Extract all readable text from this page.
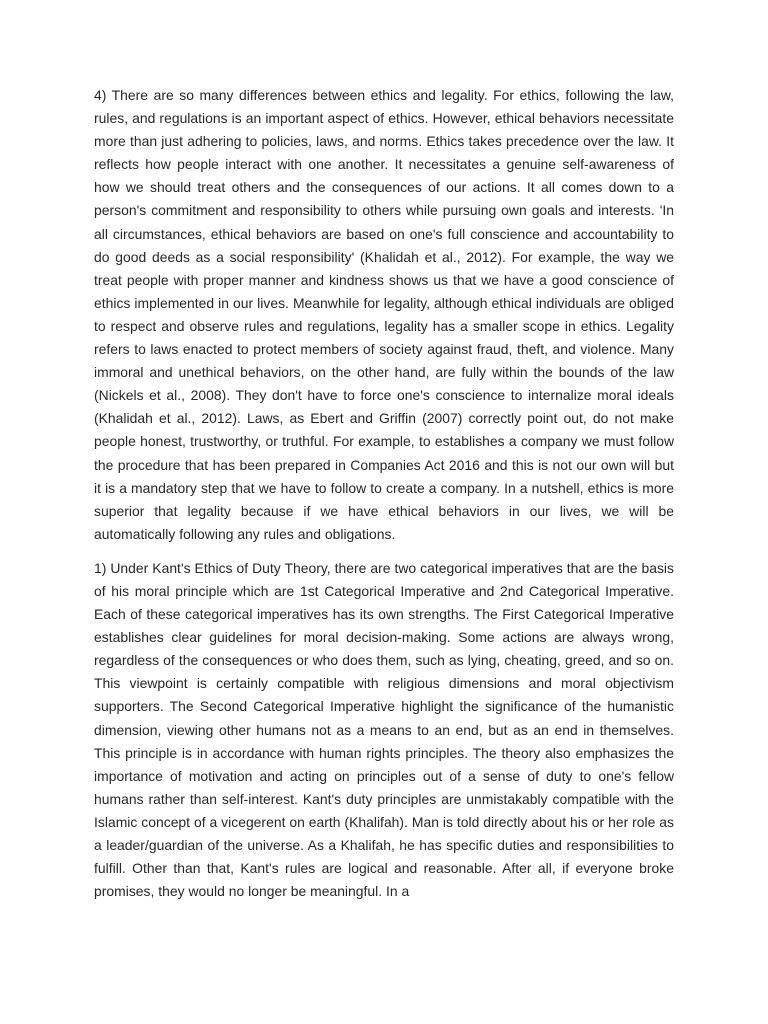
4) There are so many differences between ethics and legality. For ethics, following the law, rules, and regulations is an important aspect of ethics. However, ethical behaviors necessitate more than just adhering to policies, laws, and norms. Ethics takes precedence over the law. It reflects how people interact with one another. It necessitates a genuine self-awareness of how we should treat others and the consequences of our actions. It all comes down to a person's commitment and responsibility to others while pursuing own goals and interests. 'In all circumstances, ethical behaviors are based on one's full conscience and accountability to do good deeds as a social responsibility' (Khalidah et al., 2012). For example, the way we treat people with proper manner and kindness shows us that we have a good conscience of ethics implemented in our lives. Meanwhile for legality, although ethical individuals are obliged to respect and observe rules and regulations, legality has a smaller scope in ethics. Legality refers to laws enacted to protect members of society against fraud, theft, and violence. Many immoral and unethical behaviors, on the other hand, are fully within the bounds of the law (Nickels et al., 2008). They don't have to force one's conscience to internalize moral ideals (Khalidah et al., 2012). Laws, as Ebert and Griffin (2007) correctly point out, do not make people honest, trustworthy, or truthful. For example, to establishes a company we must follow the procedure that has been prepared in Companies Act 2016 and this is not our own will but it is a mandatory step that we have to follow to create a company. In a nutshell, ethics is more superior that legality because if we have ethical behaviors in our lives, we will be automatically following any rules and obligations.

1) Under Kant's Ethics of Duty Theory, there are two categorical imperatives that are the basis of his moral principle which are 1st Categorical Imperative and 2nd Categorical Imperative. Each of these categorical imperatives has its own strengths. The First Categorical Imperative establishes clear guidelines for moral decision-making. Some actions are always wrong, regardless of the consequences or who does them, such as lying, cheating, greed, and so on. This viewpoint is certainly compatible with religious dimensions and moral objectivism supporters. The Second Categorical Imperative highlight the significance of the humanistic dimension, viewing other humans not as a means to an end, but as an end in themselves. This principle is in accordance with human rights principles. The theory also emphasizes the importance of motivation and acting on principles out of a sense of duty to one's fellow humans rather than self-interest. Kant's duty principles are unmistakably compatible with the Islamic concept of a vicegerent on earth (Khalifah). Man is told directly about his or her role as a leader/guardian of the universe. As a Khalifah, he has specific duties and responsibilities to fulfill. Other than that, Kant's rules are logical and reasonable. After all, if everyone broke promises, they would no longer be meaningful. In a
